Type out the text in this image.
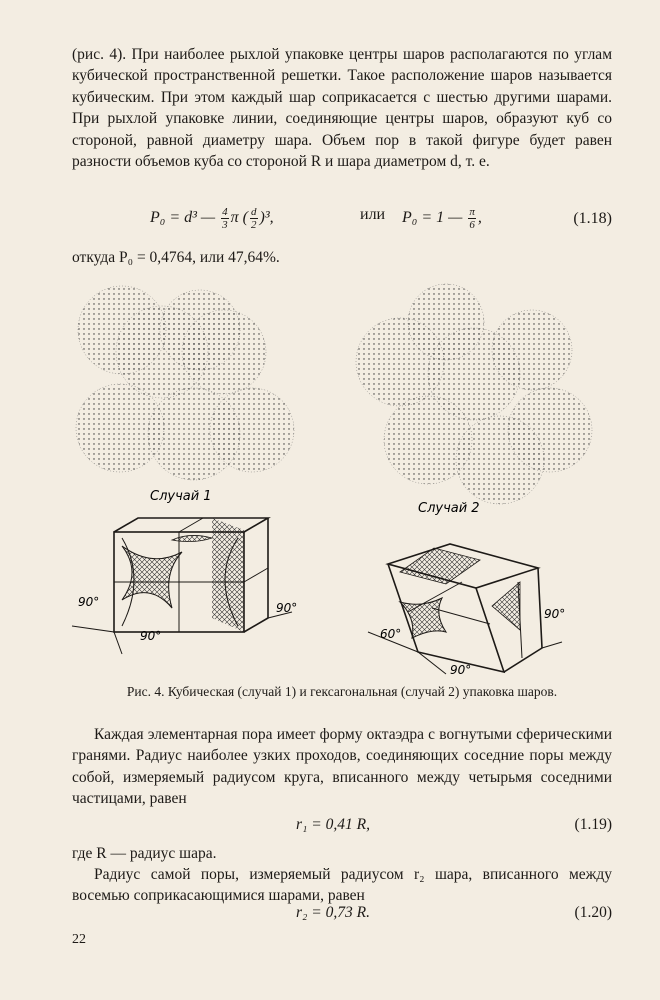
(рис. 4). При наиболее рыхлой упаковке центры шаров располагаются по углам кубической пространственной решетки. Такое расположение шаров называется кубическим. При этом каждый шар соприкасается с шестью другими шарами. При рыхлой упаковке линии, соединяющие центры шаров, образуют куб со стороной, равной диаметру шара. Объем пор в такой фигуре будет равен разности объемов куба со стороной R и шара диаметром d, т. е.

P₀ = d³ — $\frac{4}{3}$ π ( $\frac{d}{2} )^3$,	или P₀ = 1 — $\frac{\pi}{6}$ ,	(1.18)

откуда P₀ = 0,4764, или 47,64%.

Случай 1
Случай 2
90°
90°
90°	90°
60°
90°
Рис. 4. Кубическая (случай 1) и гексагональная (случай 2) упаковка шаров.

Каждая элементарная пора имеет форму октаэдра с вогнутыми сферическими гранями. Радиус наиболее узких проходов, соединяющих соседние поры между собой, измеряемый радиусом круга, вписанного между четырьмя соседними частицами, равен

r₁ = 0,41 R,	(1.19)

где R — радиус шара.

Радиус самой поры, измеряемый радиусом r₂ шара, вписанного между восемью соприкасающимися шарами, равен

r₂ = 0,73 R.	(1.20)
22
